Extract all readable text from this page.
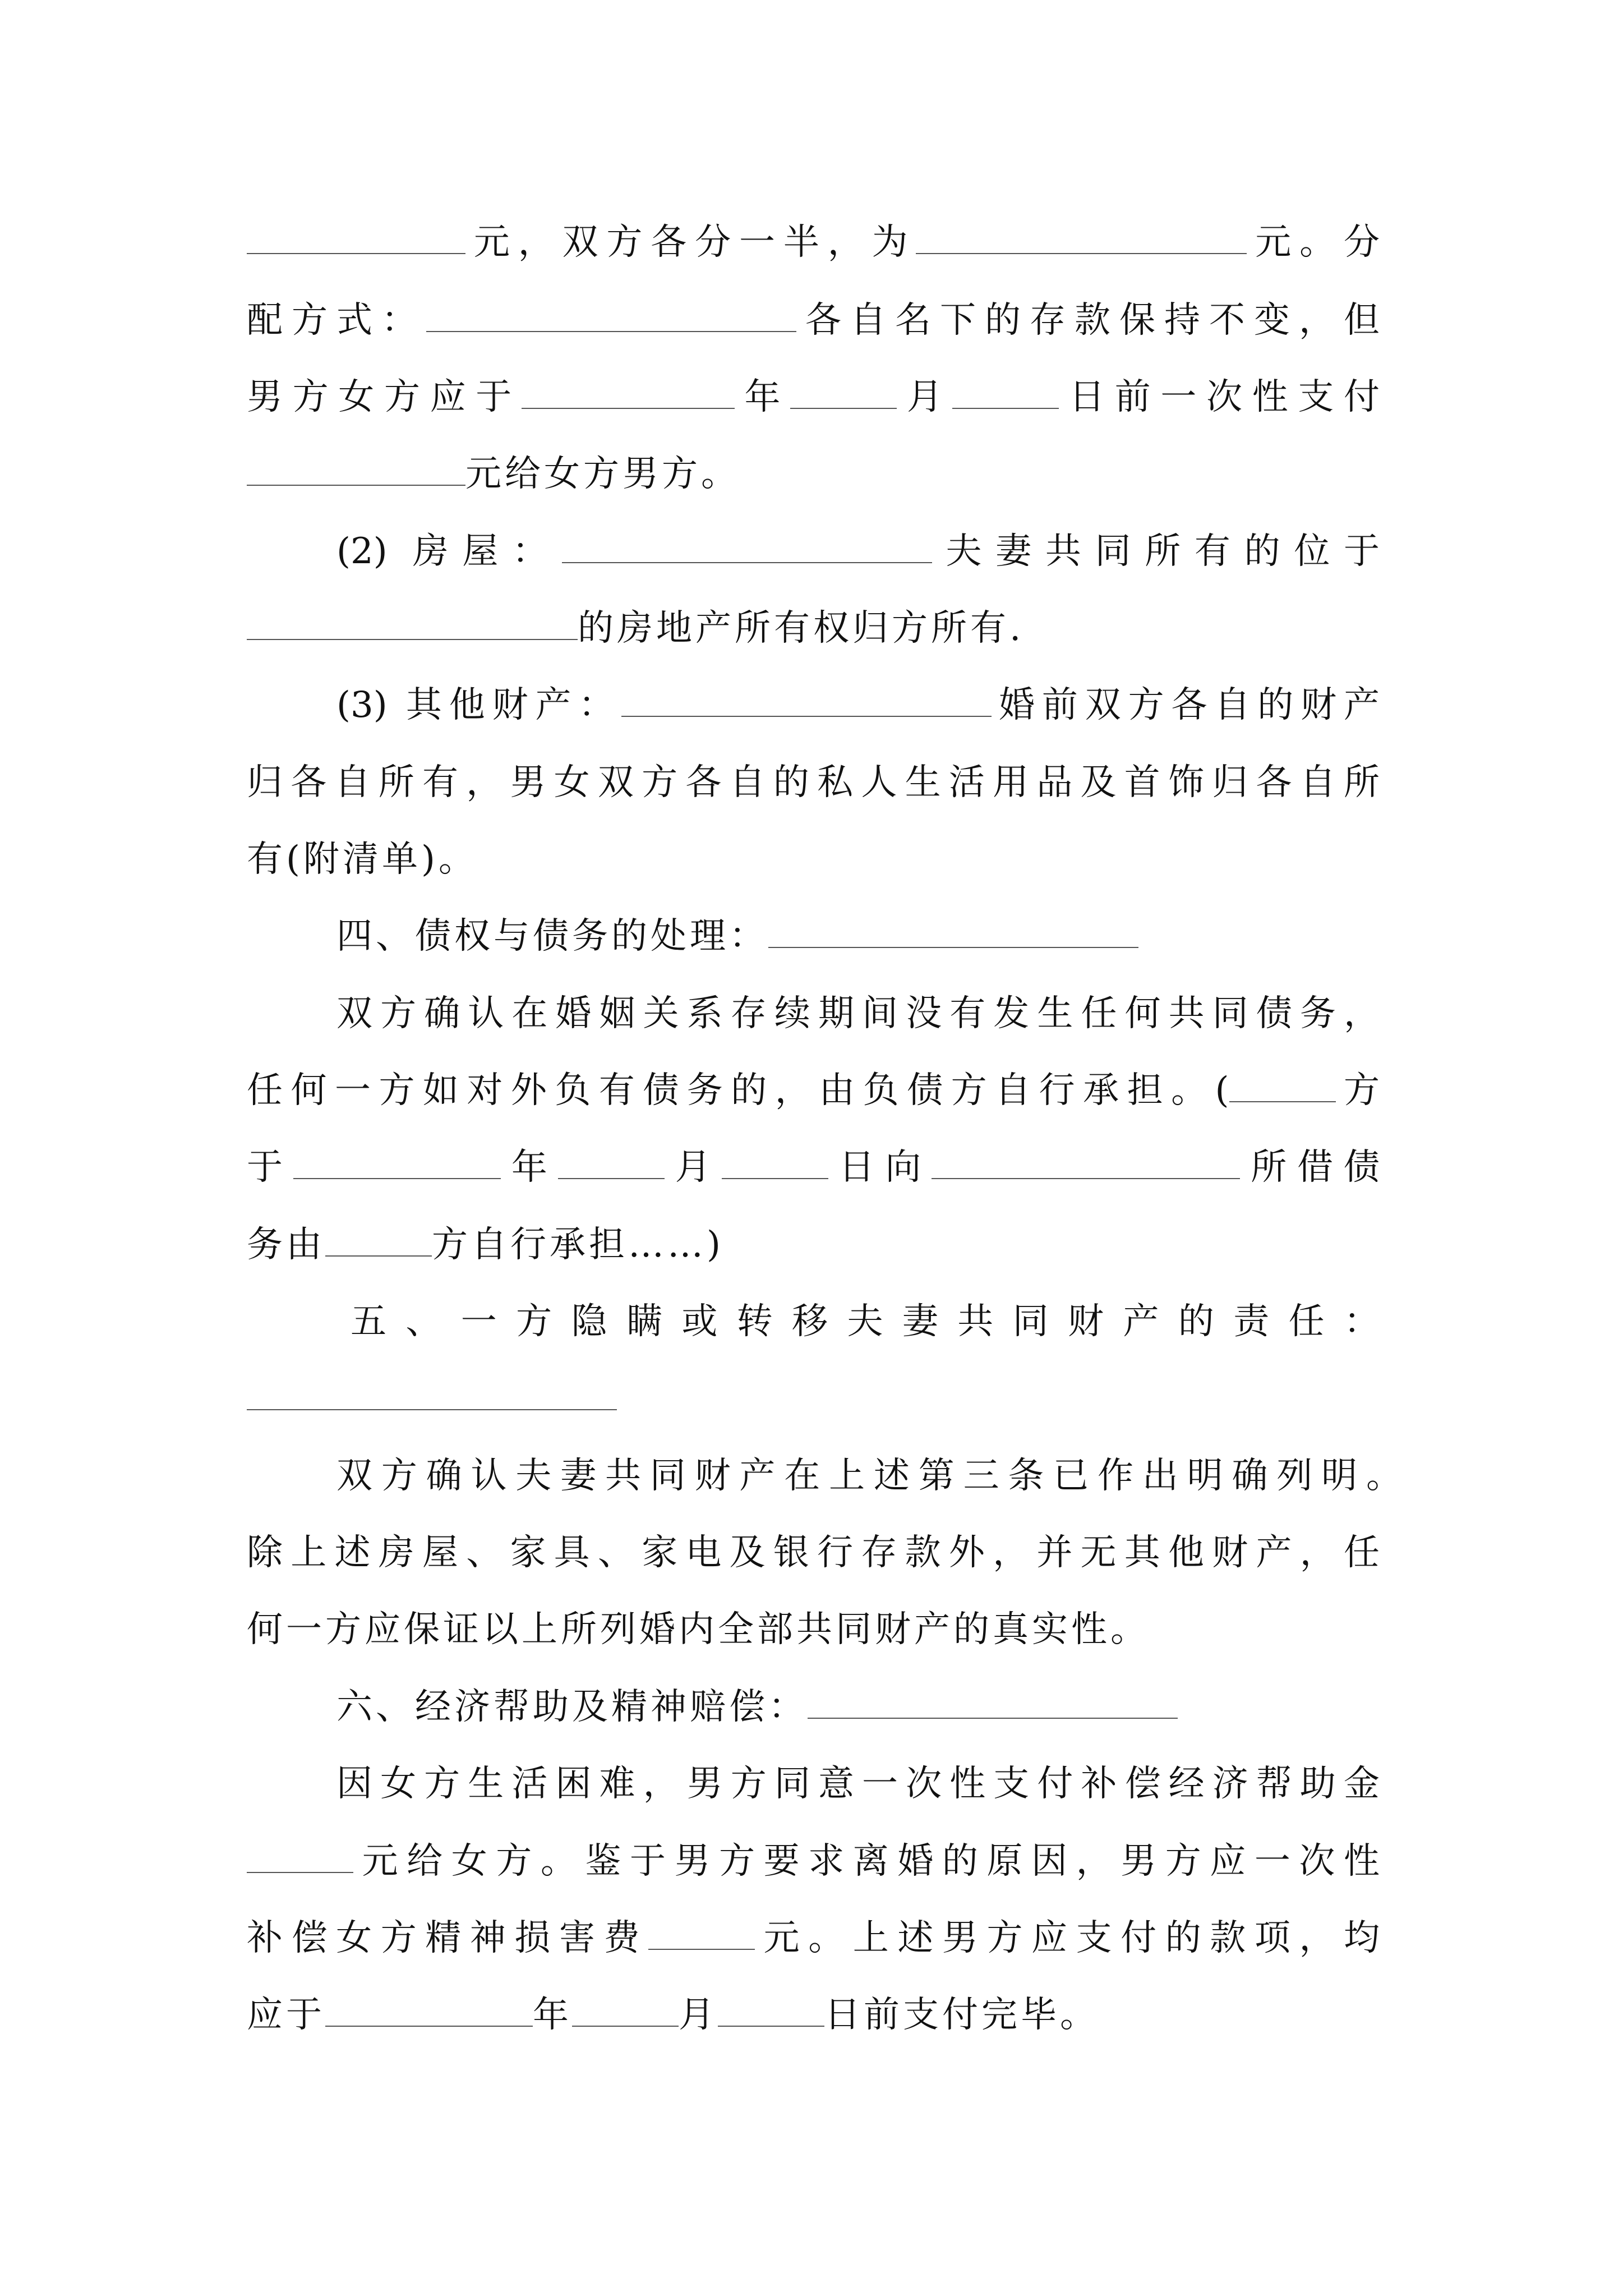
元，双方各分一半，为	元。分
配方式：	各自名下的存款保持不变，但
男方女方应于	年	月	日前一次性支付
元给女方男方。
(2) 房屋：	夫妻共同所有的位于
的房地产所有权归方所有.
(3) 其他财产：	婚前双方各自的财产
归各自所有，男女双方各自的私人生活用品及首饰归各自所
有(附清单)。
四、债权与债务的处理：
双方确认在婚姻关系存续期间没有发生任何共同债务，
任何一方如对外负有债务的，由负债方自行承担。(	方
于	年	月	日向	所借债
务由	方自行承担……)
五、一方隐瞒或转移夫妻共同财产的责任：
双方确认夫妻共同财产在上述第三条已作出明确列明。
除上述房屋、家具、家电及银行存款外，并无其他财产，任
何一方应保证以上所列婚内全部共同财产的真实性。
六、经济帮助及精神赔偿：
因女方生活困难，男方同意一次性支付补偿经济帮助金
元给女方。鉴于男方要求离婚的原因，男方应一次性
补偿女方精神损害费	元。上述男方应支付的款项，均
应于	年	月	日前支付完毕。
